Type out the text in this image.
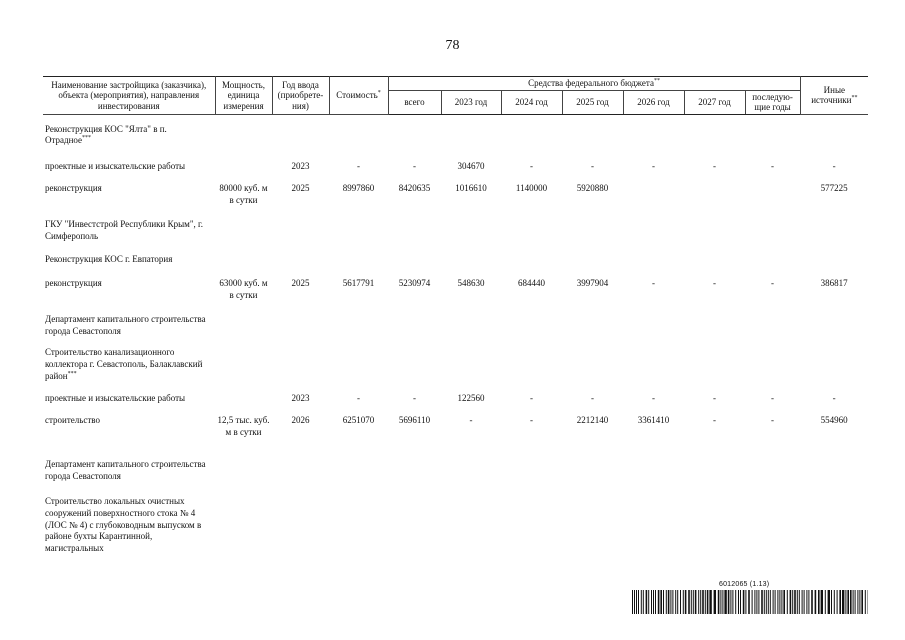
78
Наименование застройщика (заказчика), объекта (мероприятия), направления инвестирования	Мощность, единица измерения	Год ввода (приобрете-ния)	Стоимость*	Средства федерального бюджета**							Иные источники**
				всего	2023 год	2024 год	2025 год	2026 год	2027 год	последую-щие годы	
Реконструкция КОС "Ялта" в п. Отрадное***											
проектные и изыскательские работы		2023	-	-	304670	-	-	-	-	-	-
реконструкция	80000 куб. м в сутки	2025	8997860	8420635	1016610	1140000	5920880				577225
ГКУ "Инвестстрой Республики Крым", г. Симферополь											
Реконструкция КОС г. Евпатория											
реконструкция	63000 куб. м в сутки	2025	5617791	5230974	548630	684440	3997904	-	-	-	386817
Департамент капитального строительства города Севастополя											
Строительство канализационного коллектора г. Севастополь, Балаклавский район***											
проектные и изыскательские работы		2023	-	-	122560	-	-	-	-	-	-
строительство	12,5 тыс. куб. м в сутки	2026	6251070	5696110	-	-	2212140	3361410	-	-	554960
Департамент капитального строительства города Севастополя											
Строительство локальных очистных сооружений поверхностного стока № 4 (ЛОС № 4) с глубоководным выпуском в районе бухты Карантинной, магистральных											
6012065 (1.13)
